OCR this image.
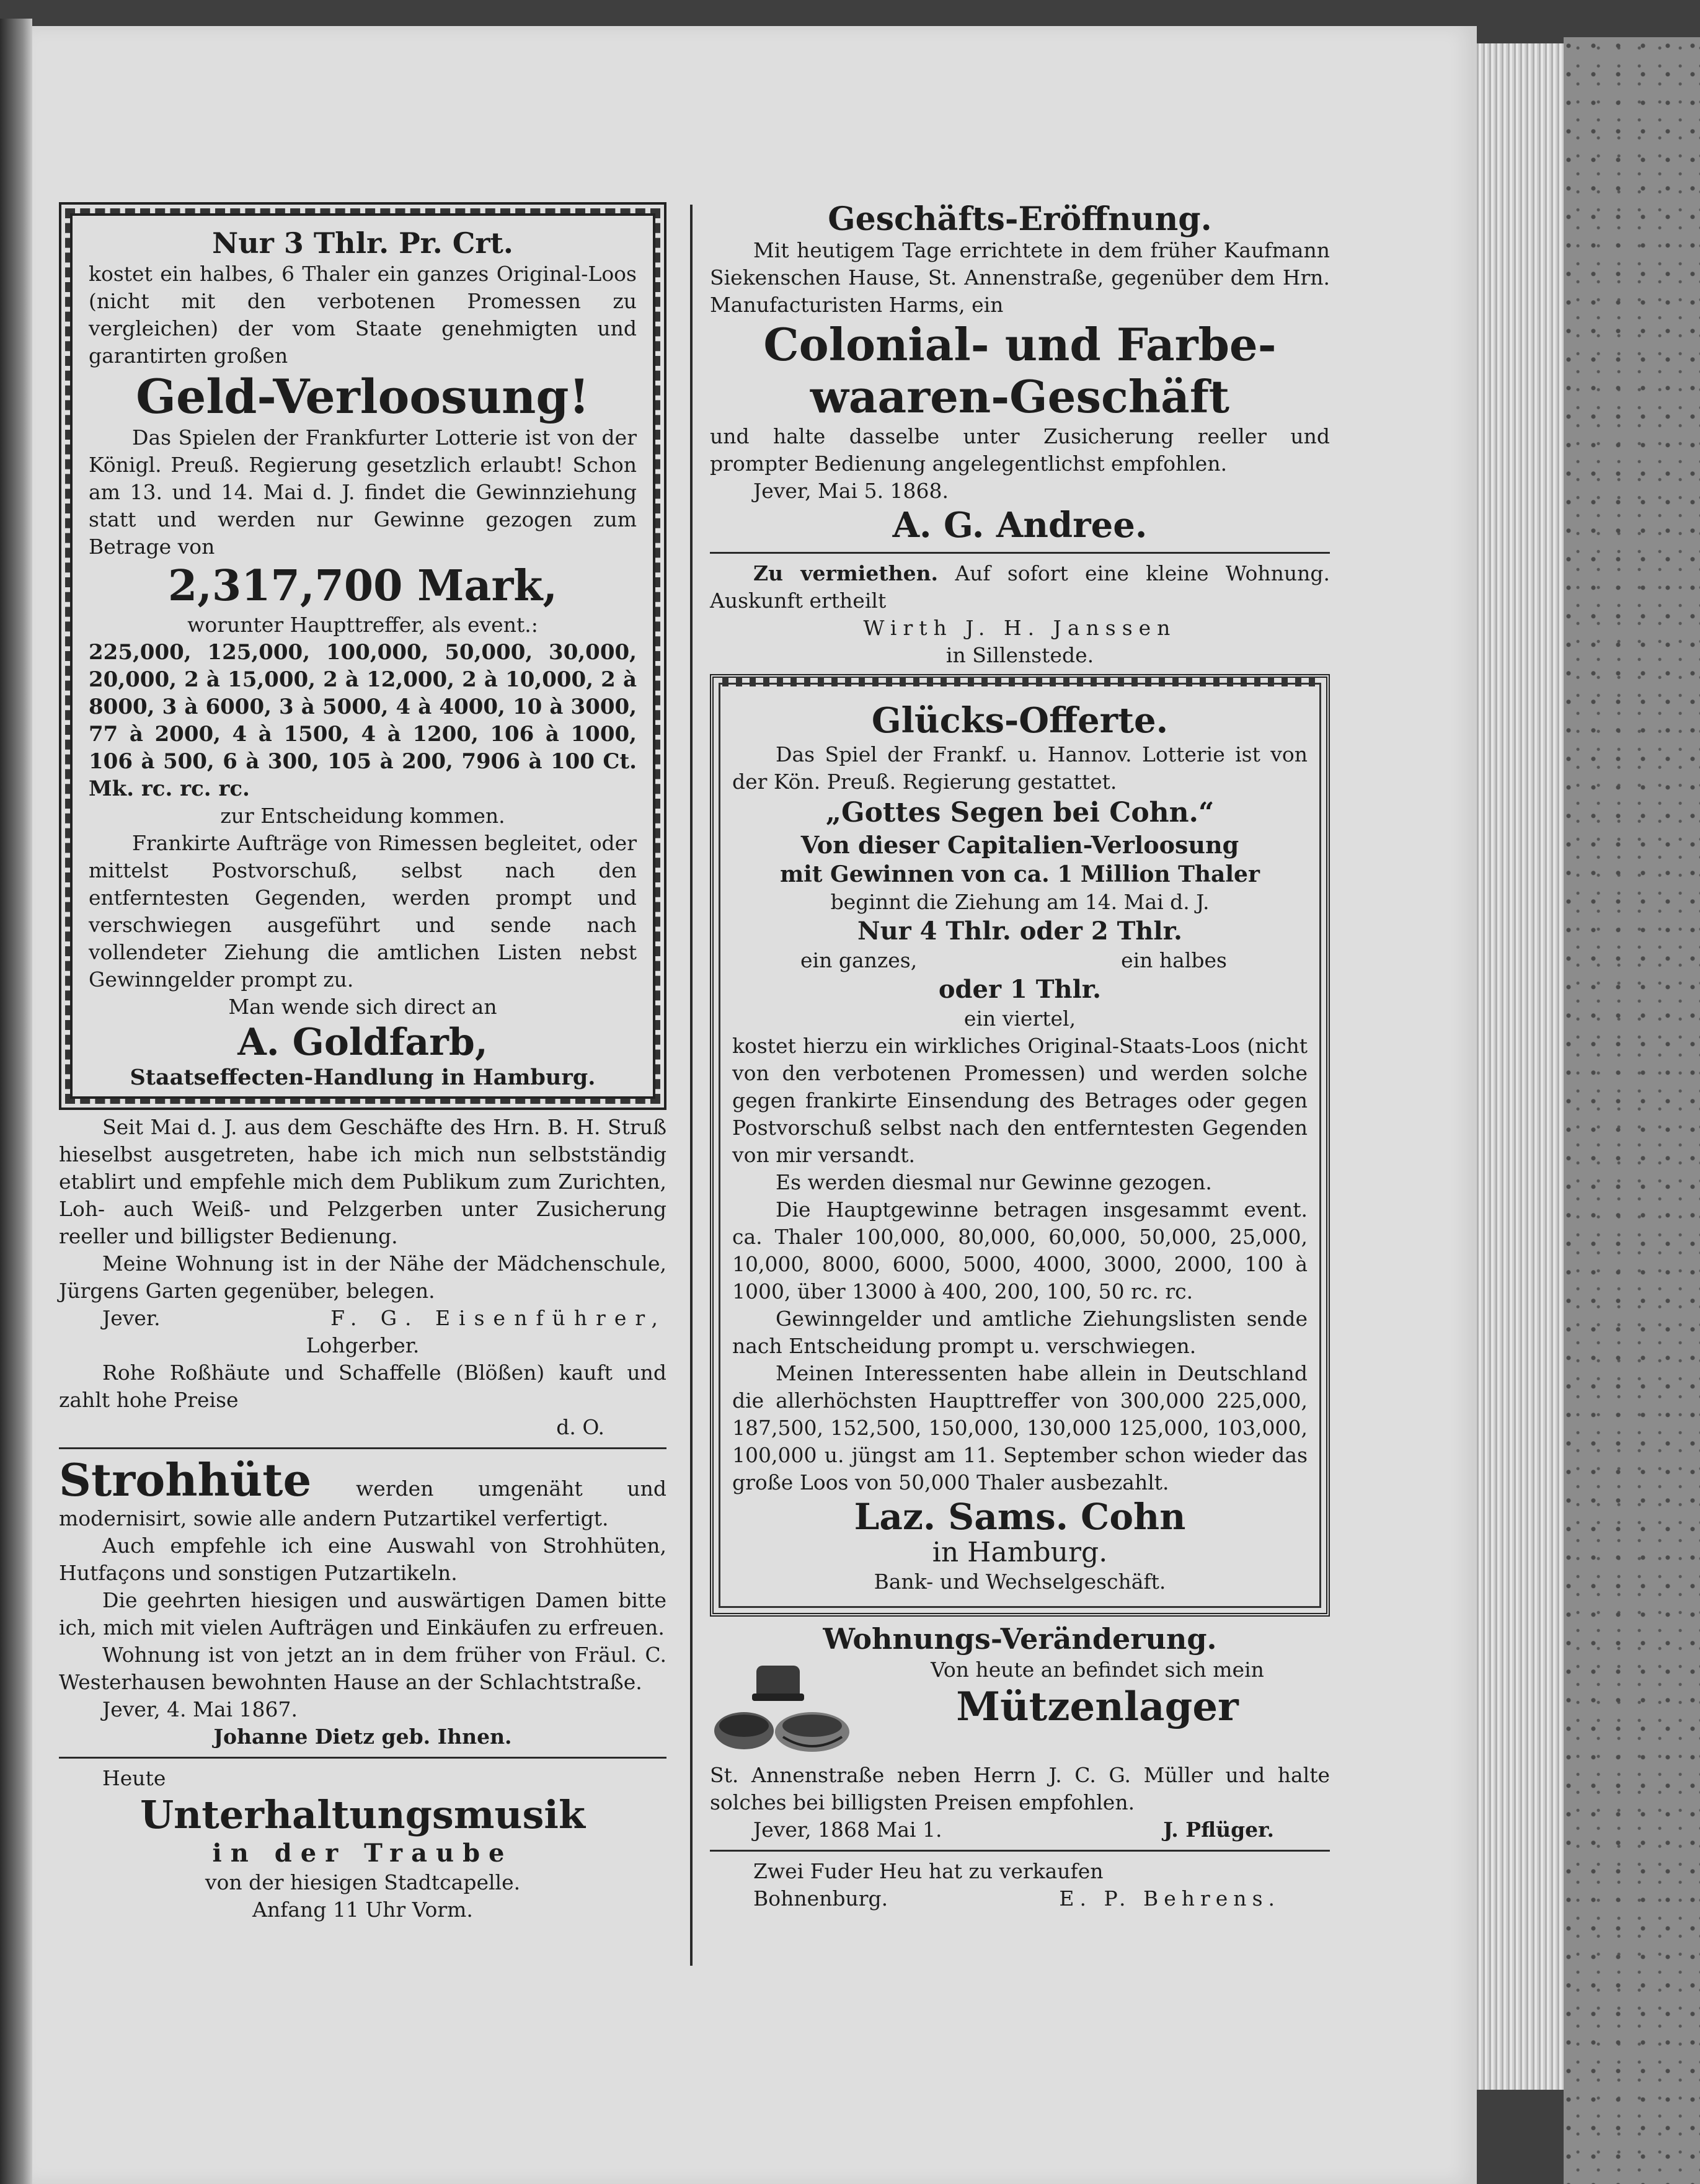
Nur 3 Thlr. Pr. Crt.

kostet ein halbes, 6 Thaler ein ganzes Original-Loos (nicht mit den verbotenen Promessen zu vergleichen) der vom Staate genehmigten und garantirten großen

Geld-Verloosung!

Das Spielen der Frankfurter Lotterie ist von der Königl. Preuß. Regierung gesetzlich erlaubt! Schon am 13. und 14. Mai d. J. findet die Gewinnziehung statt und werden nur Gewinne gezogen zum Betrage von

2,317,700 Mark,

worunter Haupttreffer, als event.:

225,000, 125,000, 100,000, 50,000, 30,000, 20,000, 2 à 15,000, 2 à 12,000, 2 à 10,000, 2 à 8000, 3 à 6000, 3 à 5000, 4 à 4000, 10 à 3000, 77 à 2000, 4 à 1500, 4 à 1200, 106 à 1000, 106 à 500, 6 à 300, 105 à 200, 7906 à 100 Ct. Mk. rc. rc. rc.

zur Entscheidung kommen.

Frankirte Aufträge von Rimessen begleitet, oder mittelst Postvorschuß, selbst nach den entferntesten Gegenden, werden prompt und verschwiegen ausgeführt und sende nach vollendeter Ziehung die amtlichen Listen nebst Gewinngelder prompt zu.

Man wende sich direct an

A. Goldfarb,

Staatseffecten-Handlung in Hamburg.

Seit Mai d. J. aus dem Geschäfte des Hrn. B. H. Struß hieselbst ausgetreten, habe ich mich nun selbstständig etablirt und empfehle mich dem Publikum zum Zurichten, Loh- auch Weiß- und Pelzgerben unter Zusicherung reeller und billigster Bedienung.

Meine Wohnung ist in der Nähe der Mädchenschule, Jürgens Garten gegenüber, belegen.

Jever.	F. G. Eisenführer,

Lohgerber.

Rohe Roßhäute und Schaffelle (Blößen) kauft und zahlt hohe Preise

d. O.

Strohhüte werden umgenäht und modernisirt, sowie alle andern Putzartikel verfertigt.

Auch empfehle ich eine Auswahl von Strohhüten, Hutfaçons und sonstigen Putzartikeln.

Die geehrten hiesigen und auswärtigen Damen bitte ich, mich mit vielen Aufträgen und Einkäufen zu erfreuen.

Wohnung ist von jetzt an in dem früher von Fräul. C. Westerhausen bewohnten Hause an der Schlachtstraße.

Jever, 4. Mai 1867.

Johanne Dietz geb. Ihnen.

Heute

Unterhaltungsmusik

in der Traube

von der hiesigen Stadtcapelle.

Anfang 11 Uhr Vorm.

Geschäfts-Eröffnung.

Mit heutigem Tage errichtete in dem früher Kaufmann Siekenschen Hause, St. Annenstraße, gegenüber dem Hrn. Manufacturisten Harms, ein

Colonial- und Farbe-

waaren-Geschäft

und halte dasselbe unter Zusicherung reeller und prompter Bedienung angelegentlichst empfohlen.

Jever, Mai 5. 1868.

A. G. Andree.

Zu vermiethen. Auf sofort eine kleine Wohnung. Auskunft ertheilt

Wirth J. H. Janssen

in Sillenstede.

Glücks-Offerte.

Das Spiel der Frankf. u. Hannov. Lotterie ist von der Kön. Preuß. Regierung gestattet.

„Gottes Segen bei Cohn.“

Von dieser Capitalien-Verloosung

mit Gewinnen von ca. 1 Million Thaler

beginnt die Ziehung am 14. Mai d. J.

Nur 4 Thlr. oder 2 Thlr.

ein ganzes,	ein halbes

oder 1 Thlr.

ein viertel,

kostet hierzu ein wirkliches Original-Staats-Loos (nicht von den verbotenen Promessen) und werden solche gegen frankirte Einsendung des Betrages oder gegen Postvorschuß selbst nach den entferntesten Gegenden von mir versandt.

Es werden diesmal nur Gewinne gezogen.

Die Hauptgewinne betragen insgesammt event. ca. Thaler 100,000, 80,000, 60,000, 50,000, 25,000, 10,000, 8000, 6000, 5000, 4000, 3000, 2000, 100 à 1000, über 13000 à 400, 200, 100, 50 rc. rc.

Gewinngelder und amtliche Ziehungslisten sende nach Entscheidung prompt u. verschwiegen.

Meinen Interessenten habe allein in Deutschland die allerhöchsten Haupttreffer von 300,000 225,000, 187,500, 152,500, 150,000, 130,000 125,000, 103,000, 100,000 u. jüngst am 11. September schon wieder das große Loos von 50,000 Thaler ausbezahlt.

Laz. Sams. Cohn

in Hamburg.

Bank- und Wechselgeschäft.

Wohnungs-Veränderung.

Von heute an befindet sich mein

Mützenlager

St. Annenstraße neben Herrn J. C. G. Müller und halte solches bei billigsten Preisen empfohlen.

Jever, 1868 Mai 1.	J. Pflüger.

Zwei Fuder Heu hat zu verkaufen

Bohnenburg.	E. P. Behrens.
